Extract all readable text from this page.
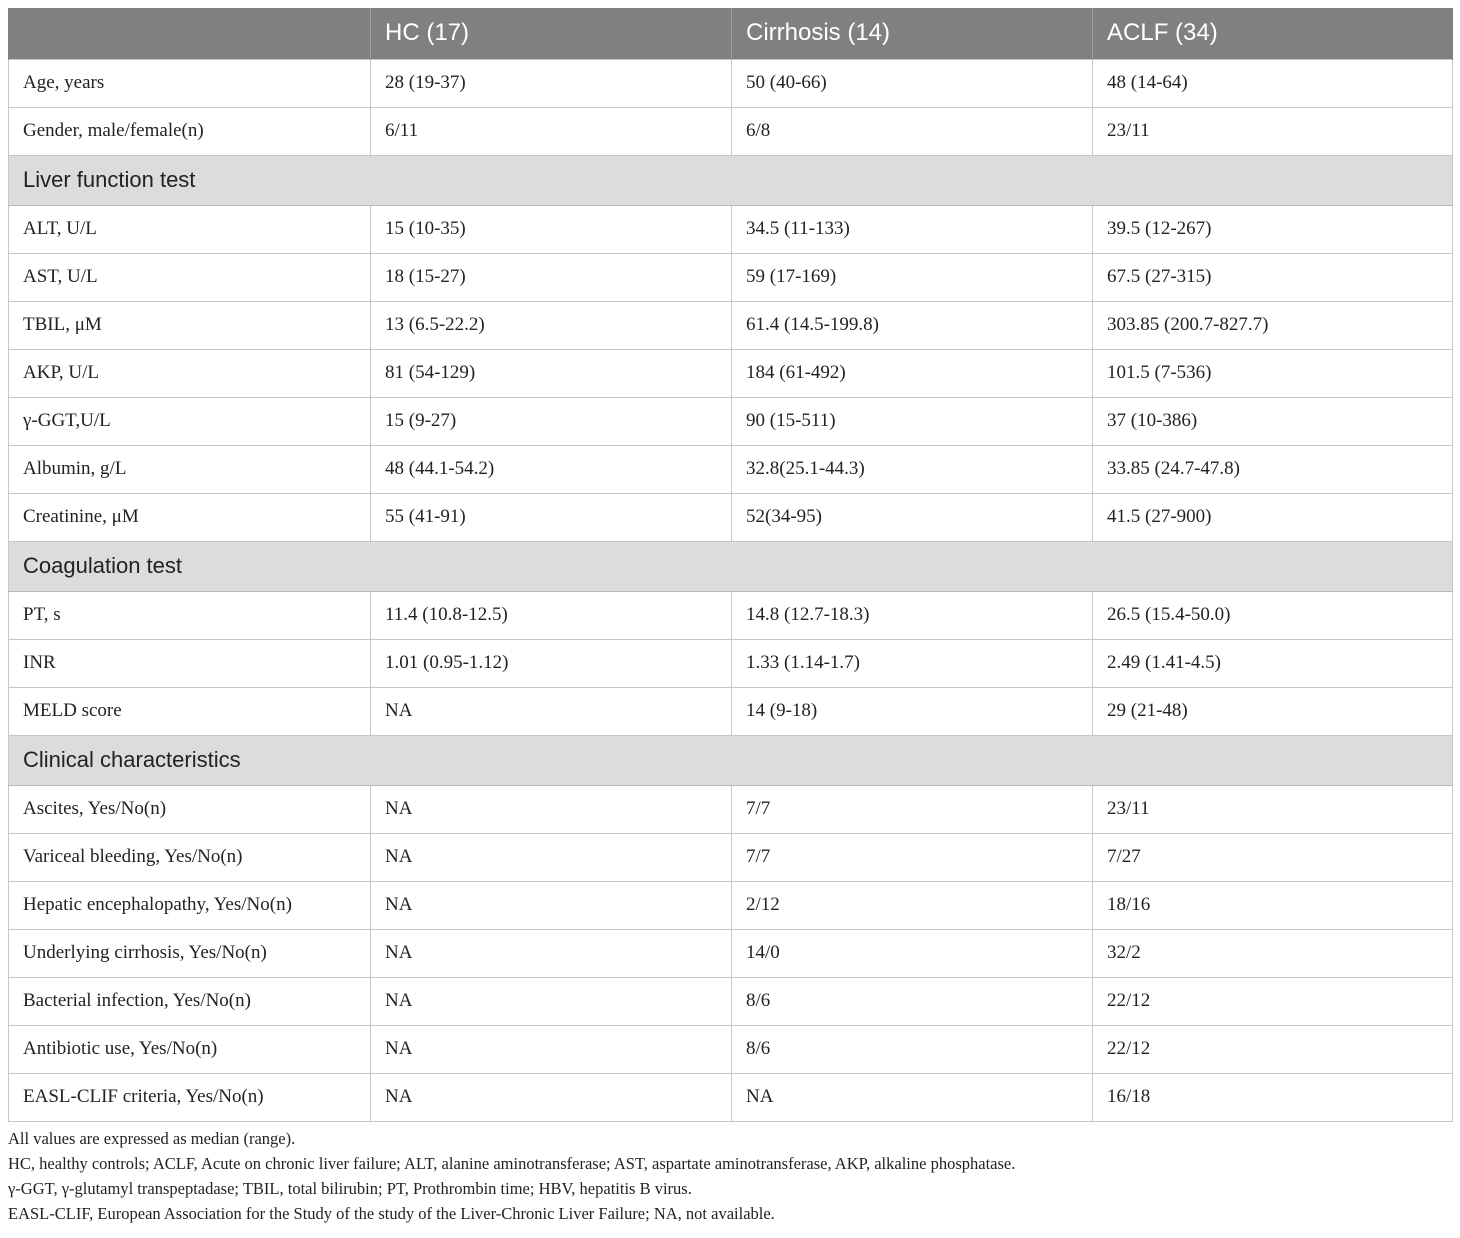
	HC (17)	Cirrhosis (14)	ACLF (34)
Age, years	28 (19-37)	50 (40-66)	48 (14-64)
Gender, male/female(n)	6/11	6/8	23/11
Liver function test			
ALT, U/L	15 (10-35)	34.5 (11-133)	39.5 (12-267)
AST, U/L	18 (15-27)	59 (17-169)	67.5 (27-315)
TBIL, μM	13 (6.5-22.2)	61.4 (14.5-199.8)	303.85 (200.7-827.7)
AKP, U/L	81 (54-129)	184 (61-492)	101.5 (7-536)
γ-GGT,U/L	15 (9-27)	90 (15-511)	37 (10-386)
Albumin, g/L	48 (44.1-54.2)	32.8(25.1-44.3)	33.85 (24.7-47.8)
Creatinine, μM	55 (41-91)	52(34-95)	41.5 (27-900)
Coagulation test			
PT, s	11.4 (10.8-12.5)	14.8 (12.7-18.3)	26.5 (15.4-50.0)
INR	1.01 (0.95-1.12)	1.33 (1.14-1.7)	2.49 (1.41-4.5)
MELD score	NA	14 (9-18)	29 (21-48)
Clinical characteristics			
Ascites, Yes/No(n)	NA	7/7	23/11
Variceal bleeding, Yes/No(n)	NA	7/7	7/27
Hepatic encephalopathy, Yes/No(n)	NA	2/12	18/16
Underlying cirrhosis, Yes/No(n)	NA	14/0	32/2
Bacterial infection, Yes/No(n)	NA	8/6	22/12
Antibiotic use, Yes/No(n)	NA	8/6	22/12
EASL-CLIF criteria, Yes/No(n)	NA	NA	16/18
All values are expressed as median (range).
HC, healthy controls; ACLF, Acute on chronic liver failure; ALT, alanine aminotransferase; AST, aspartate aminotransferase, AKP, alkaline phosphatase.
γ-GGT, γ-glutamyl transpeptadase; TBIL, total bilirubin; PT, Prothrombin time; HBV, hepatitis B virus.
EASL-CLIF, European Association for the Study of the study of the Liver-Chronic Liver Failure; NA, not available.
